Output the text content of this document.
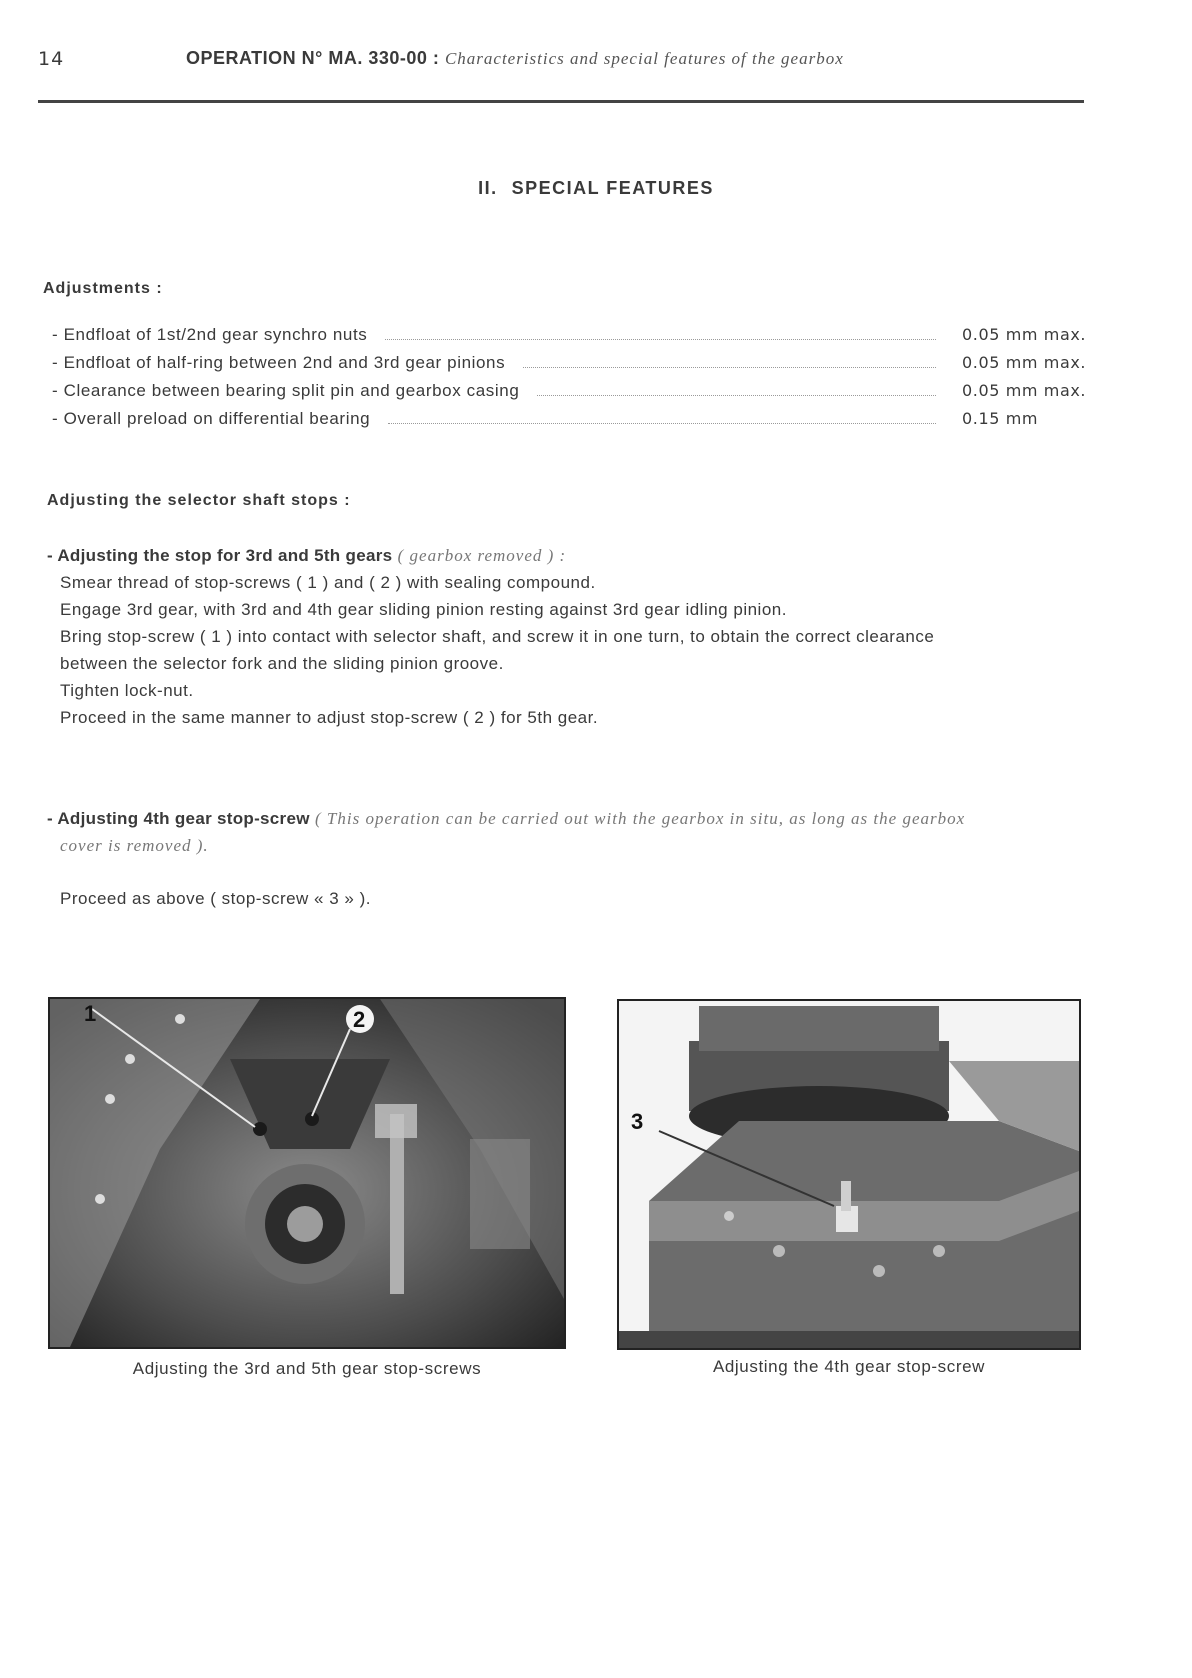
14	OPERATION N° MA. 330-00 : Characteristics and special features of the gearbox
II. SPECIAL FEATURES
Adjustments :
- Endfloat of 1st/2nd gear synchro nuts	0.05 mm max.
- Endfloat of half-ring between 2nd and 3rd gear pinions	0.05 mm max.
- Clearance between bearing split pin and gearbox casing	0.05 mm max.
- Overall preload on differential bearing	0.15 mm
Adjusting the selector shaft stops :
- Adjusting the stop for 3rd and 5th gears ( gearbox removed ) :
Smear thread of stop-screws ( 1 ) and ( 2 ) with sealing compound.
Engage 3rd gear, with 3rd and 4th gear sliding pinion resting against 3rd gear idling pinion.
Bring stop-screw ( 1 ) into contact with selector shaft, and screw it in one turn, to obtain the correct clearance
between the selector fork and the sliding pinion groove.
Tighten lock-nut.
Proceed in the same manner to adjust stop-screw ( 2 ) for 5th gear.
- Adjusting 4th gear stop-screw ( This operation can be carried out with the gearbox in situ, as long as the gearbox
cover is removed ).
Proceed as above ( stop-screw « 3 » ).
1	2
Adjusting the 3rd and 5th gear stop-screws
3
Adjusting the 4th gear stop-screw
